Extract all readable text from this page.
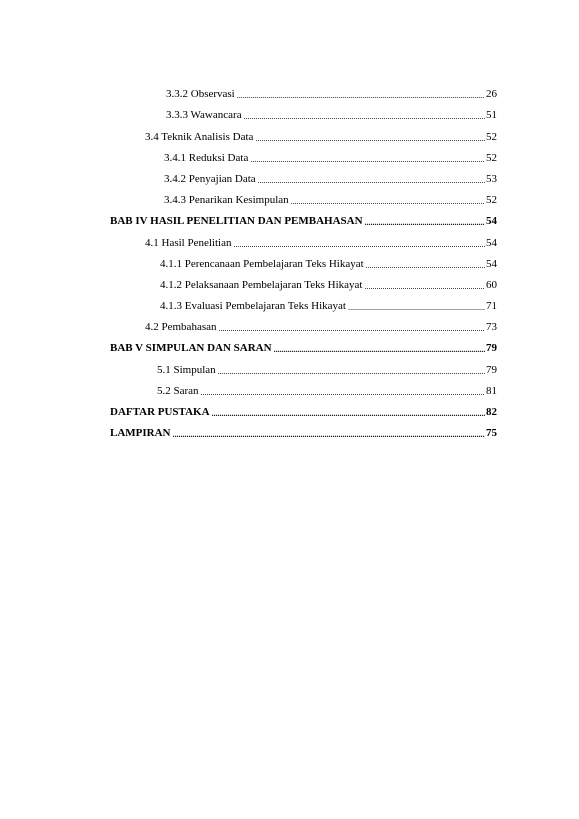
3.3.2 Observasi .....	26
3.3.3 Wawancara .....	51
3.4 Teknik Analisis Data .....	52
3.4.1 Reduksi Data .....	52
3.4.2 Penyajian Data .....	53
3.4.3 Penarikan Kesimpulan .....	52
BAB IV HASIL PENELITIAN DAN PEMBAHASAN .....	54
4.1 Hasil Penelitian .....	54
4.1.1 Perencanaan Pembelajaran Teks Hikayat .....	54
4.1.2 Pelaksanaan Pembelajaran Teks Hikayat .....	60
4.1.3 Evaluasi Pembelajaran Teks Hikayat .....	71
4.2 Pembahasan .....	73
BAB V SIMPULAN DAN SARAN .....	79
5.1 Simpulan .....	79
5.2 Saran .....	81
DAFTAR PUSTAKA .....	82
LAMPIRAN .....	75
